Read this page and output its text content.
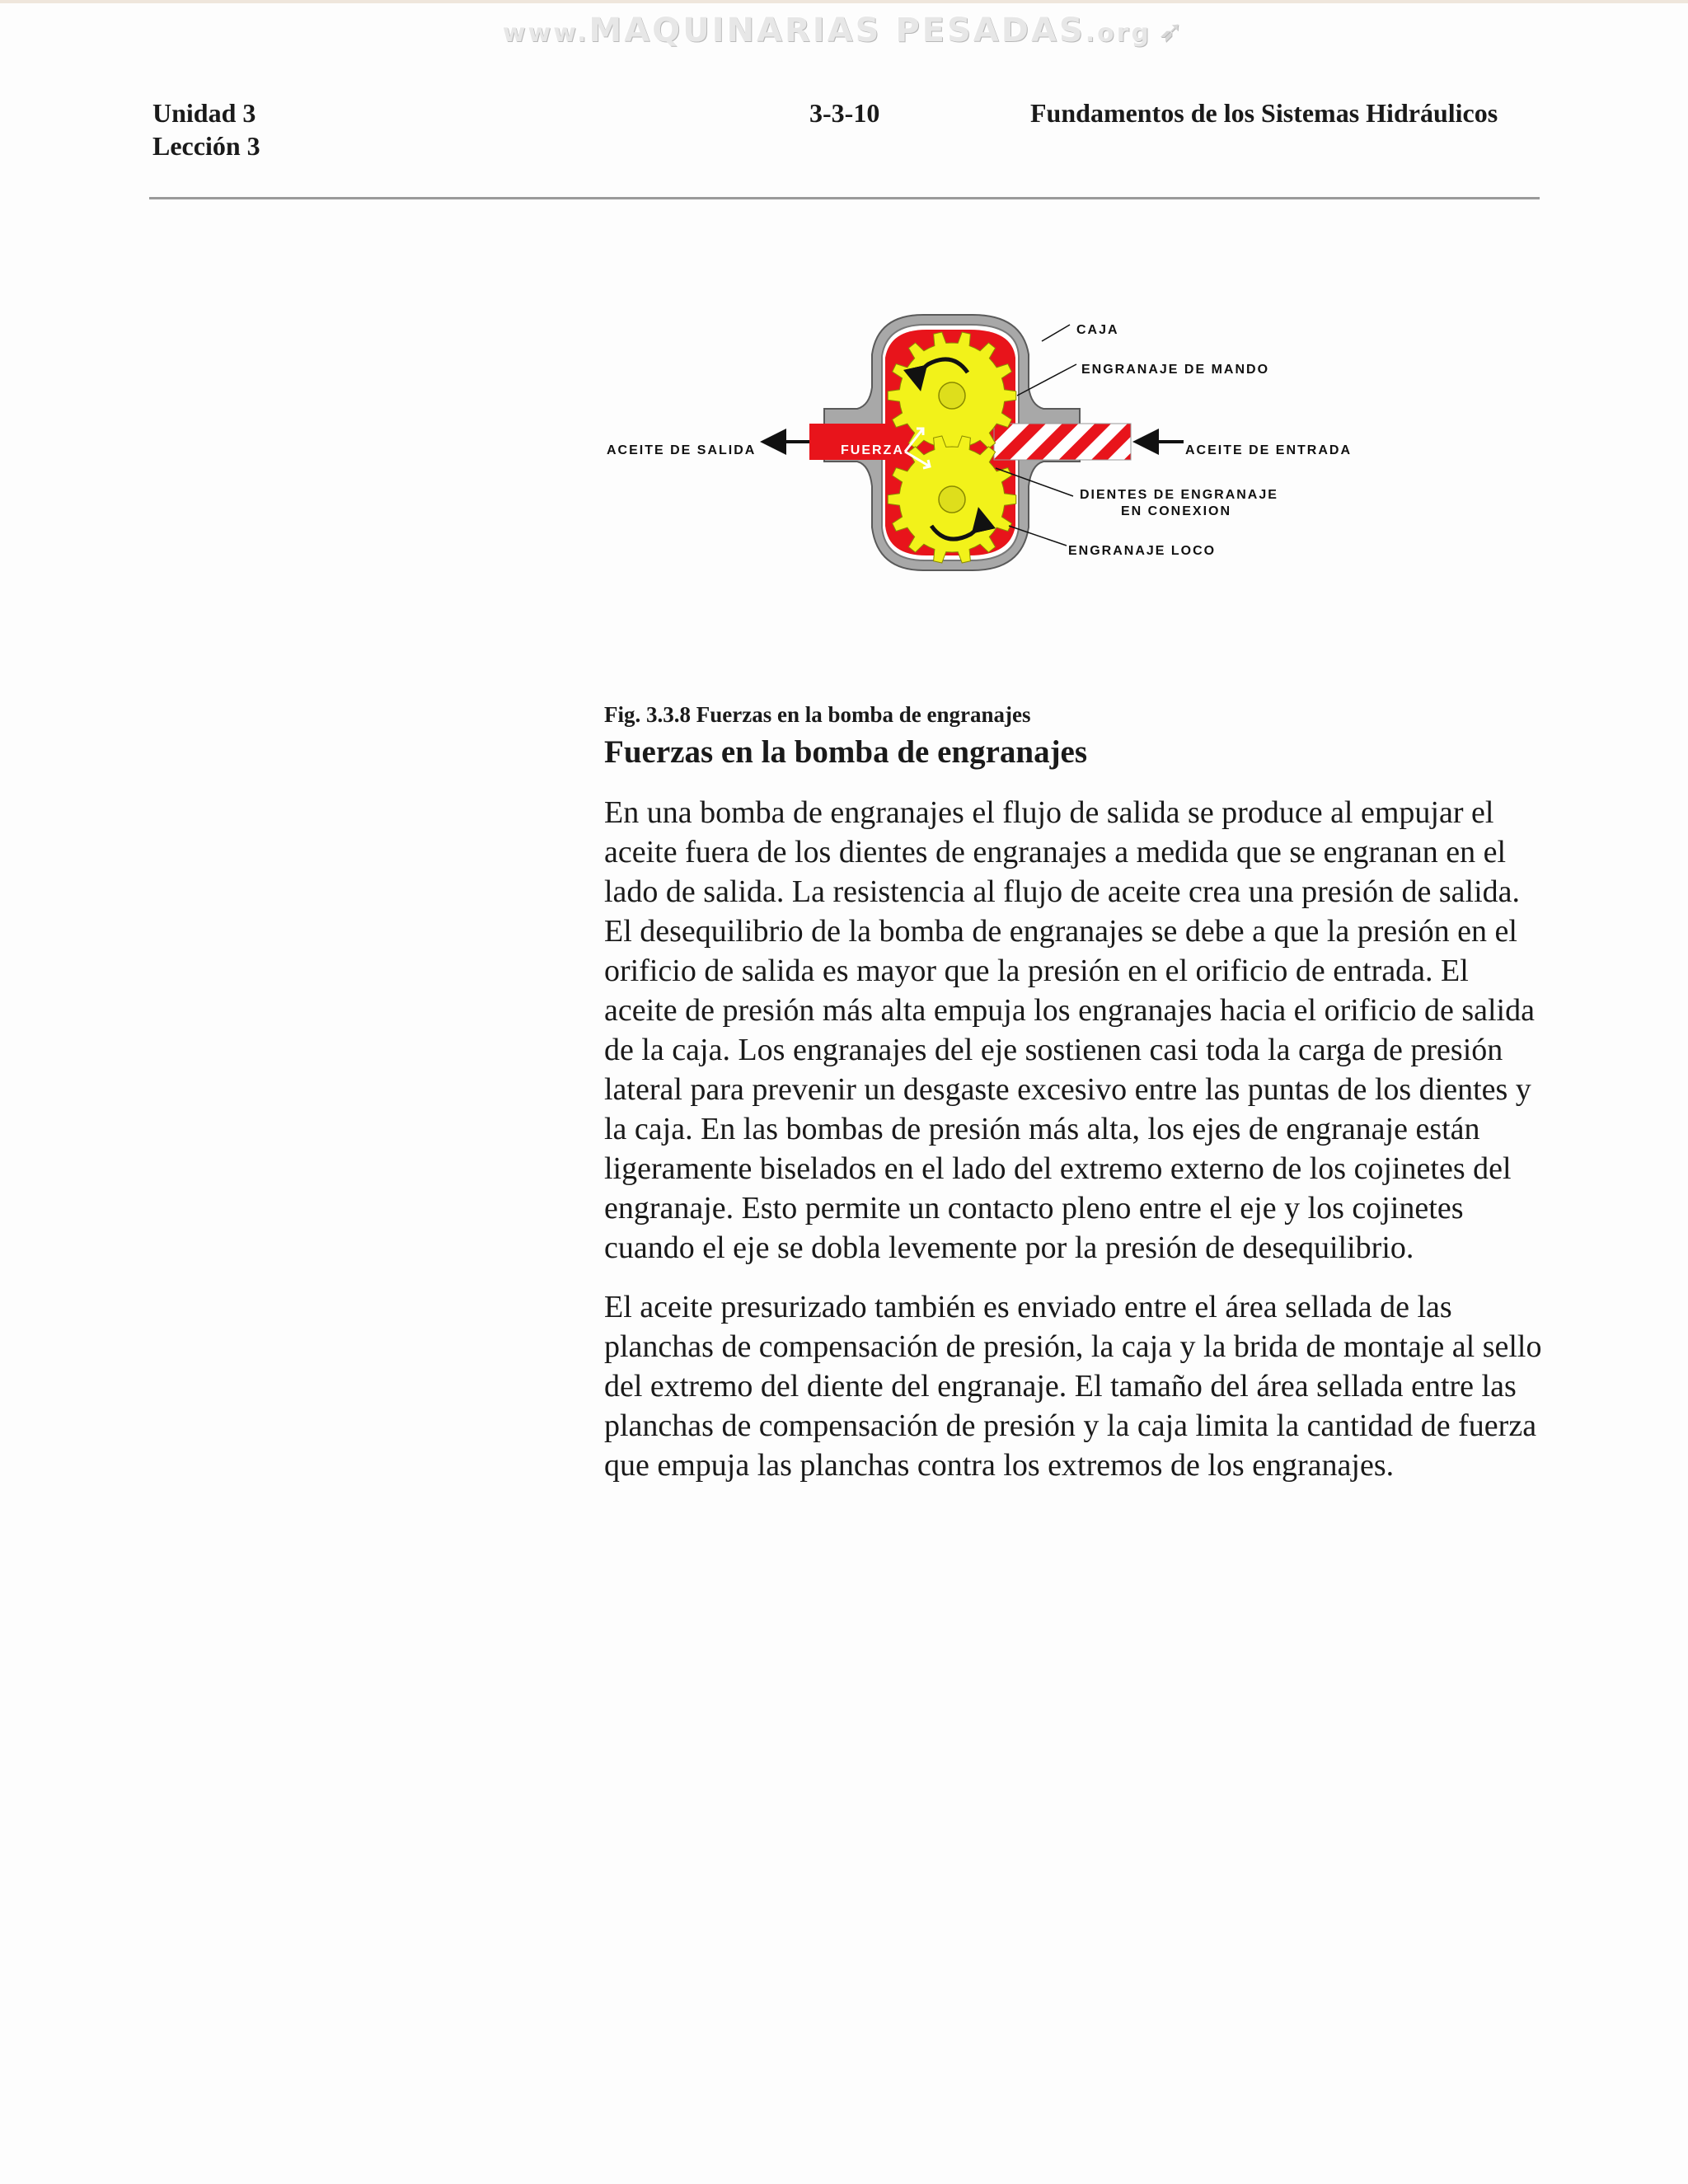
www.MAQUINARIAS PESADAS.org ➶
Unidad 3
Lección 3
3-3-10	Fundamentos de los Sistemas Hidráulicos
CAJA
ENGRANAJE DE MANDO
ACEITE DE SALIDA	FUERZA	ACEITE DE ENTRADA
DIENTES DE ENGRANAJE
EN CONEXION
ENGRANAJE LOCO
Fig. 3.3.8 Fuerzas en la bomba de engranajes
Fuerzas en la bomba de engranajes

En una bomba de engranajes el flujo de salida se produce al empujar el aceite fuera de los dientes de engranajes a medida que se engranan en el lado de salida. La resistencia al flujo de aceite crea una presión de salida. El desequilibrio de la bomba de engranajes se debe a que la presión en el orificio de salida es mayor que la presión en el orificio de entrada. El aceite de presión más alta empuja los engranajes hacia el orificio de salida de la caja. Los engranajes del eje sostienen casi toda la carga de presión lateral para prevenir un desgaste excesivo entre las puntas de los dientes y la caja. En las bombas de presión más alta, los ejes de engranaje están ligeramente biselados en el lado del extremo externo de los cojinetes del engranaje. Esto permite un contacto pleno entre el eje y los cojinetes cuando el eje se dobla levemente por la presión de desequilibrio.

El aceite presurizado también es enviado entre el área sellada de las planchas de compensación de presión, la caja y la brida de montaje al sello del extremo del diente del engranaje. El tamaño del área sellada entre las planchas de compensación de presión y la caja limita la cantidad de fuerza que empuja las planchas contra los extremos de los engranajes.
